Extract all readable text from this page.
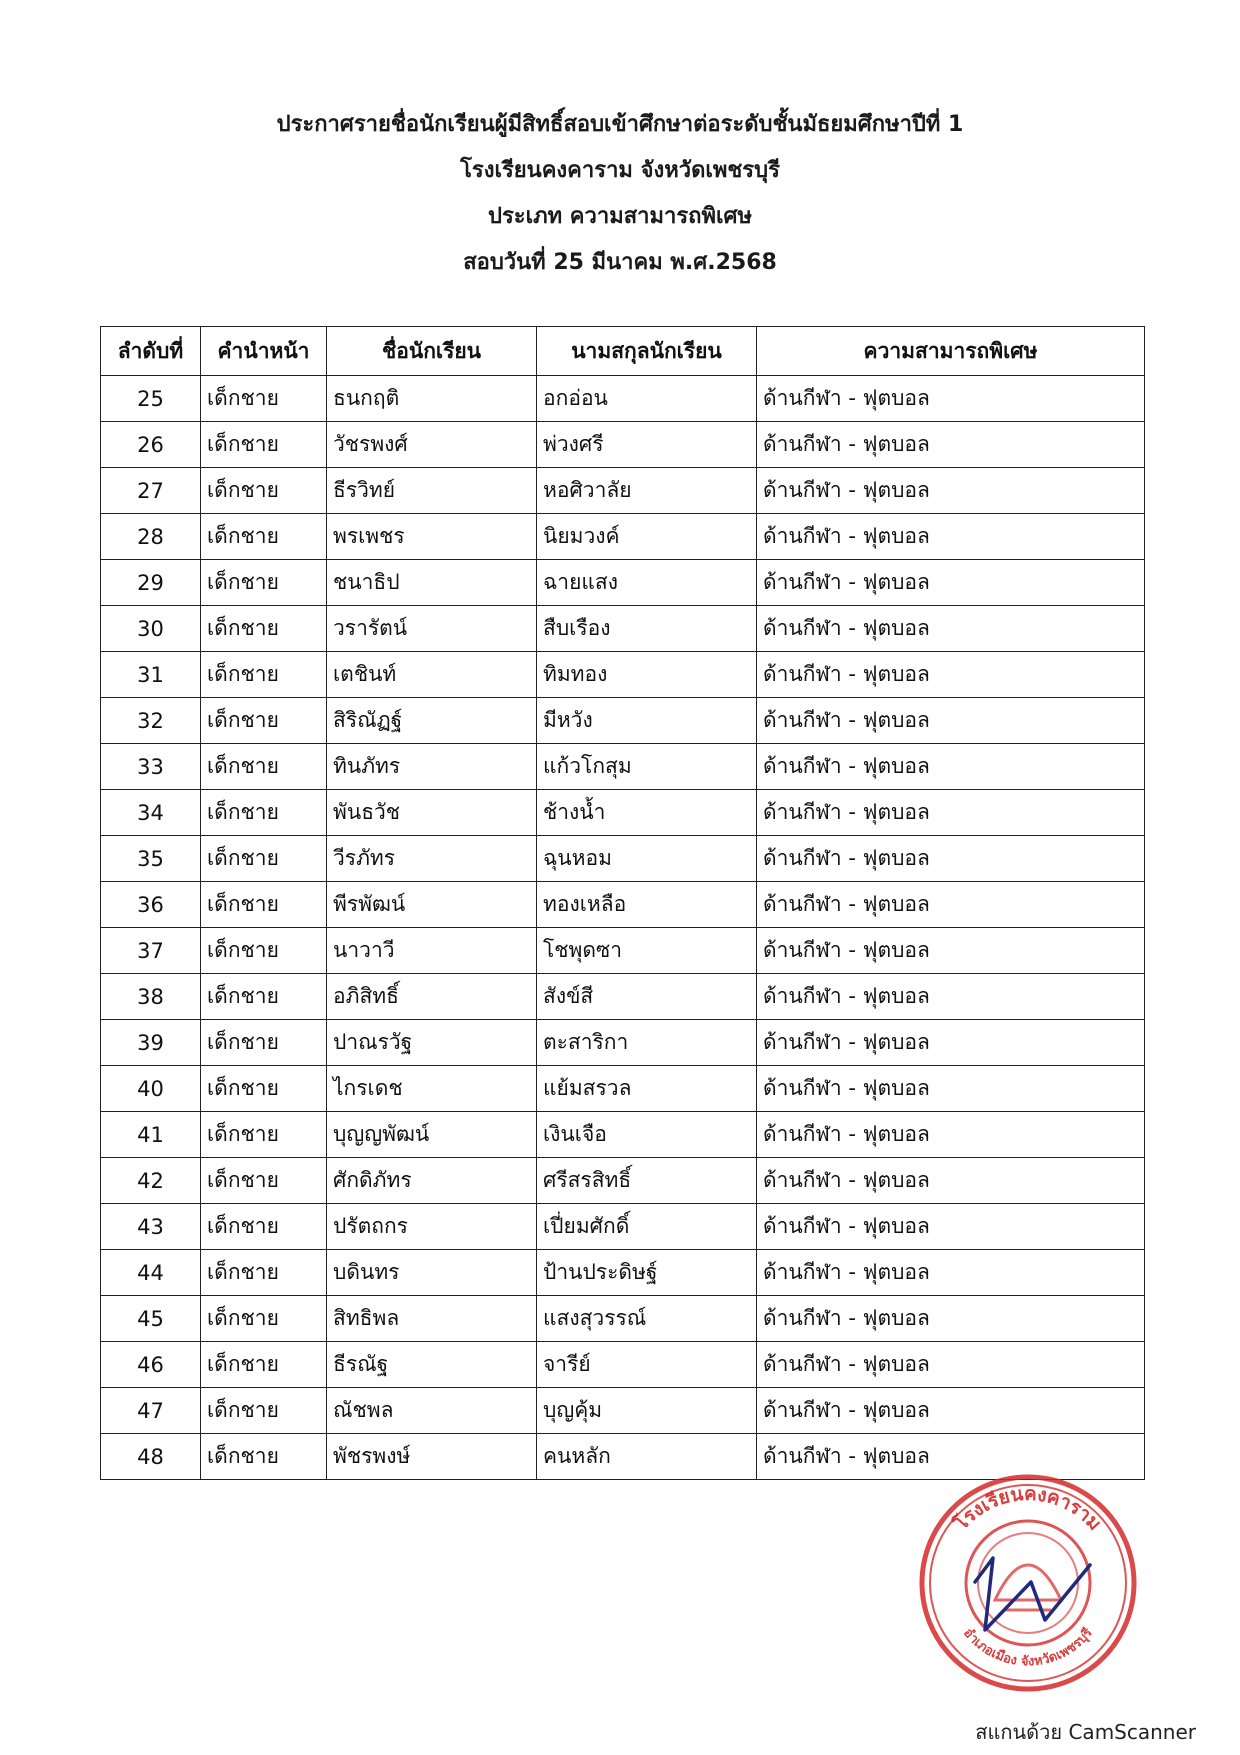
ประกาศรายชื่อนักเรียนผู้มีสิทธิ์สอบเข้าศึกษาต่อระดับชั้นมัธยมศึกษาปีที่ 1
โรงเรียนคงคาราม จังหวัดเพชรบุรี
ประเภท ความสามารถพิเศษ
สอบวันที่ 25 มีนาคม พ.ศ.2568
ลำดับที่	คำนำหน้า	ชื่อนักเรียน	นามสกุลนักเรียน	ความสามารถพิเศษ
25	เด็กชาย	ธนกฤติ	อกอ่อน	ด้านกีฬา - ฟุตบอล
26	เด็กชาย	วัชรพงศ์	พ่วงศรี	ด้านกีฬา - ฟุตบอล
27	เด็กชาย	ธีรวิทย์	หอศิวาลัย	ด้านกีฬา - ฟุตบอล
28	เด็กชาย	พรเพชร	นิยมวงค์	ด้านกีฬา - ฟุตบอล
29	เด็กชาย	ชนาธิป	ฉายแสง	ด้านกีฬา - ฟุตบอล
30	เด็กชาย	วรารัตน์	สืบเรือง	ด้านกีฬา - ฟุตบอล
31	เด็กชาย	เตชินท์	ทิมทอง	ด้านกีฬา - ฟุตบอล
32	เด็กชาย	สิริณัฏฐ์	มีหวัง	ด้านกีฬา - ฟุตบอล
33	เด็กชาย	ทินภัทร	แก้วโกสุม	ด้านกีฬา - ฟุตบอล
34	เด็กชาย	พันธวัช	ช้างน้ำ	ด้านกีฬา - ฟุตบอล
35	เด็กชาย	วีรภัทร	ฉุนหอม	ด้านกีฬา - ฟุตบอล
36	เด็กชาย	พีรพัฒน์	ทองเหลือ	ด้านกีฬา - ฟุตบอล
37	เด็กชาย	นาวาวี	โชพุดซา	ด้านกีฬา - ฟุตบอล
38	เด็กชาย	อภิสิทธิ์	สังข์สี	ด้านกีฬา - ฟุตบอล
39	เด็กชาย	ปาณรวัฐ	ตะสาริกา	ด้านกีฬา - ฟุตบอล
40	เด็กชาย	ไกรเดช	แย้มสรวล	ด้านกีฬา - ฟุตบอล
41	เด็กชาย	บุญญพัฒน์	เงินเจือ	ด้านกีฬา - ฟุตบอล
42	เด็กชาย	ศักดิภัทร	ศรีสรสิทธิ์	ด้านกีฬา - ฟุตบอล
43	เด็กชาย	ปรัตถกร	เปี่ยมศักดิ์	ด้านกีฬา - ฟุตบอล
44	เด็กชาย	บดินทร	ป้านประดิษฐ์	ด้านกีฬา - ฟุตบอล
45	เด็กชาย	สิทธิพล	แสงสุวรรณ์	ด้านกีฬา - ฟุตบอล
46	เด็กชาย	ธีรณัฐ	จารีย์	ด้านกีฬา - ฟุตบอล
47	เด็กชาย	ณัชพล	บุญคุ้ม	ด้านกีฬา - ฟุตบอล
48	เด็กชาย	พัชรพงษ์	คนหลัก	ด้านกีฬา - ฟุตบอล
โรงเรียนคงคาราม
อำเภอเมือง จังหวัดเพชรบุรี
สแกนด้วย CamScanner
